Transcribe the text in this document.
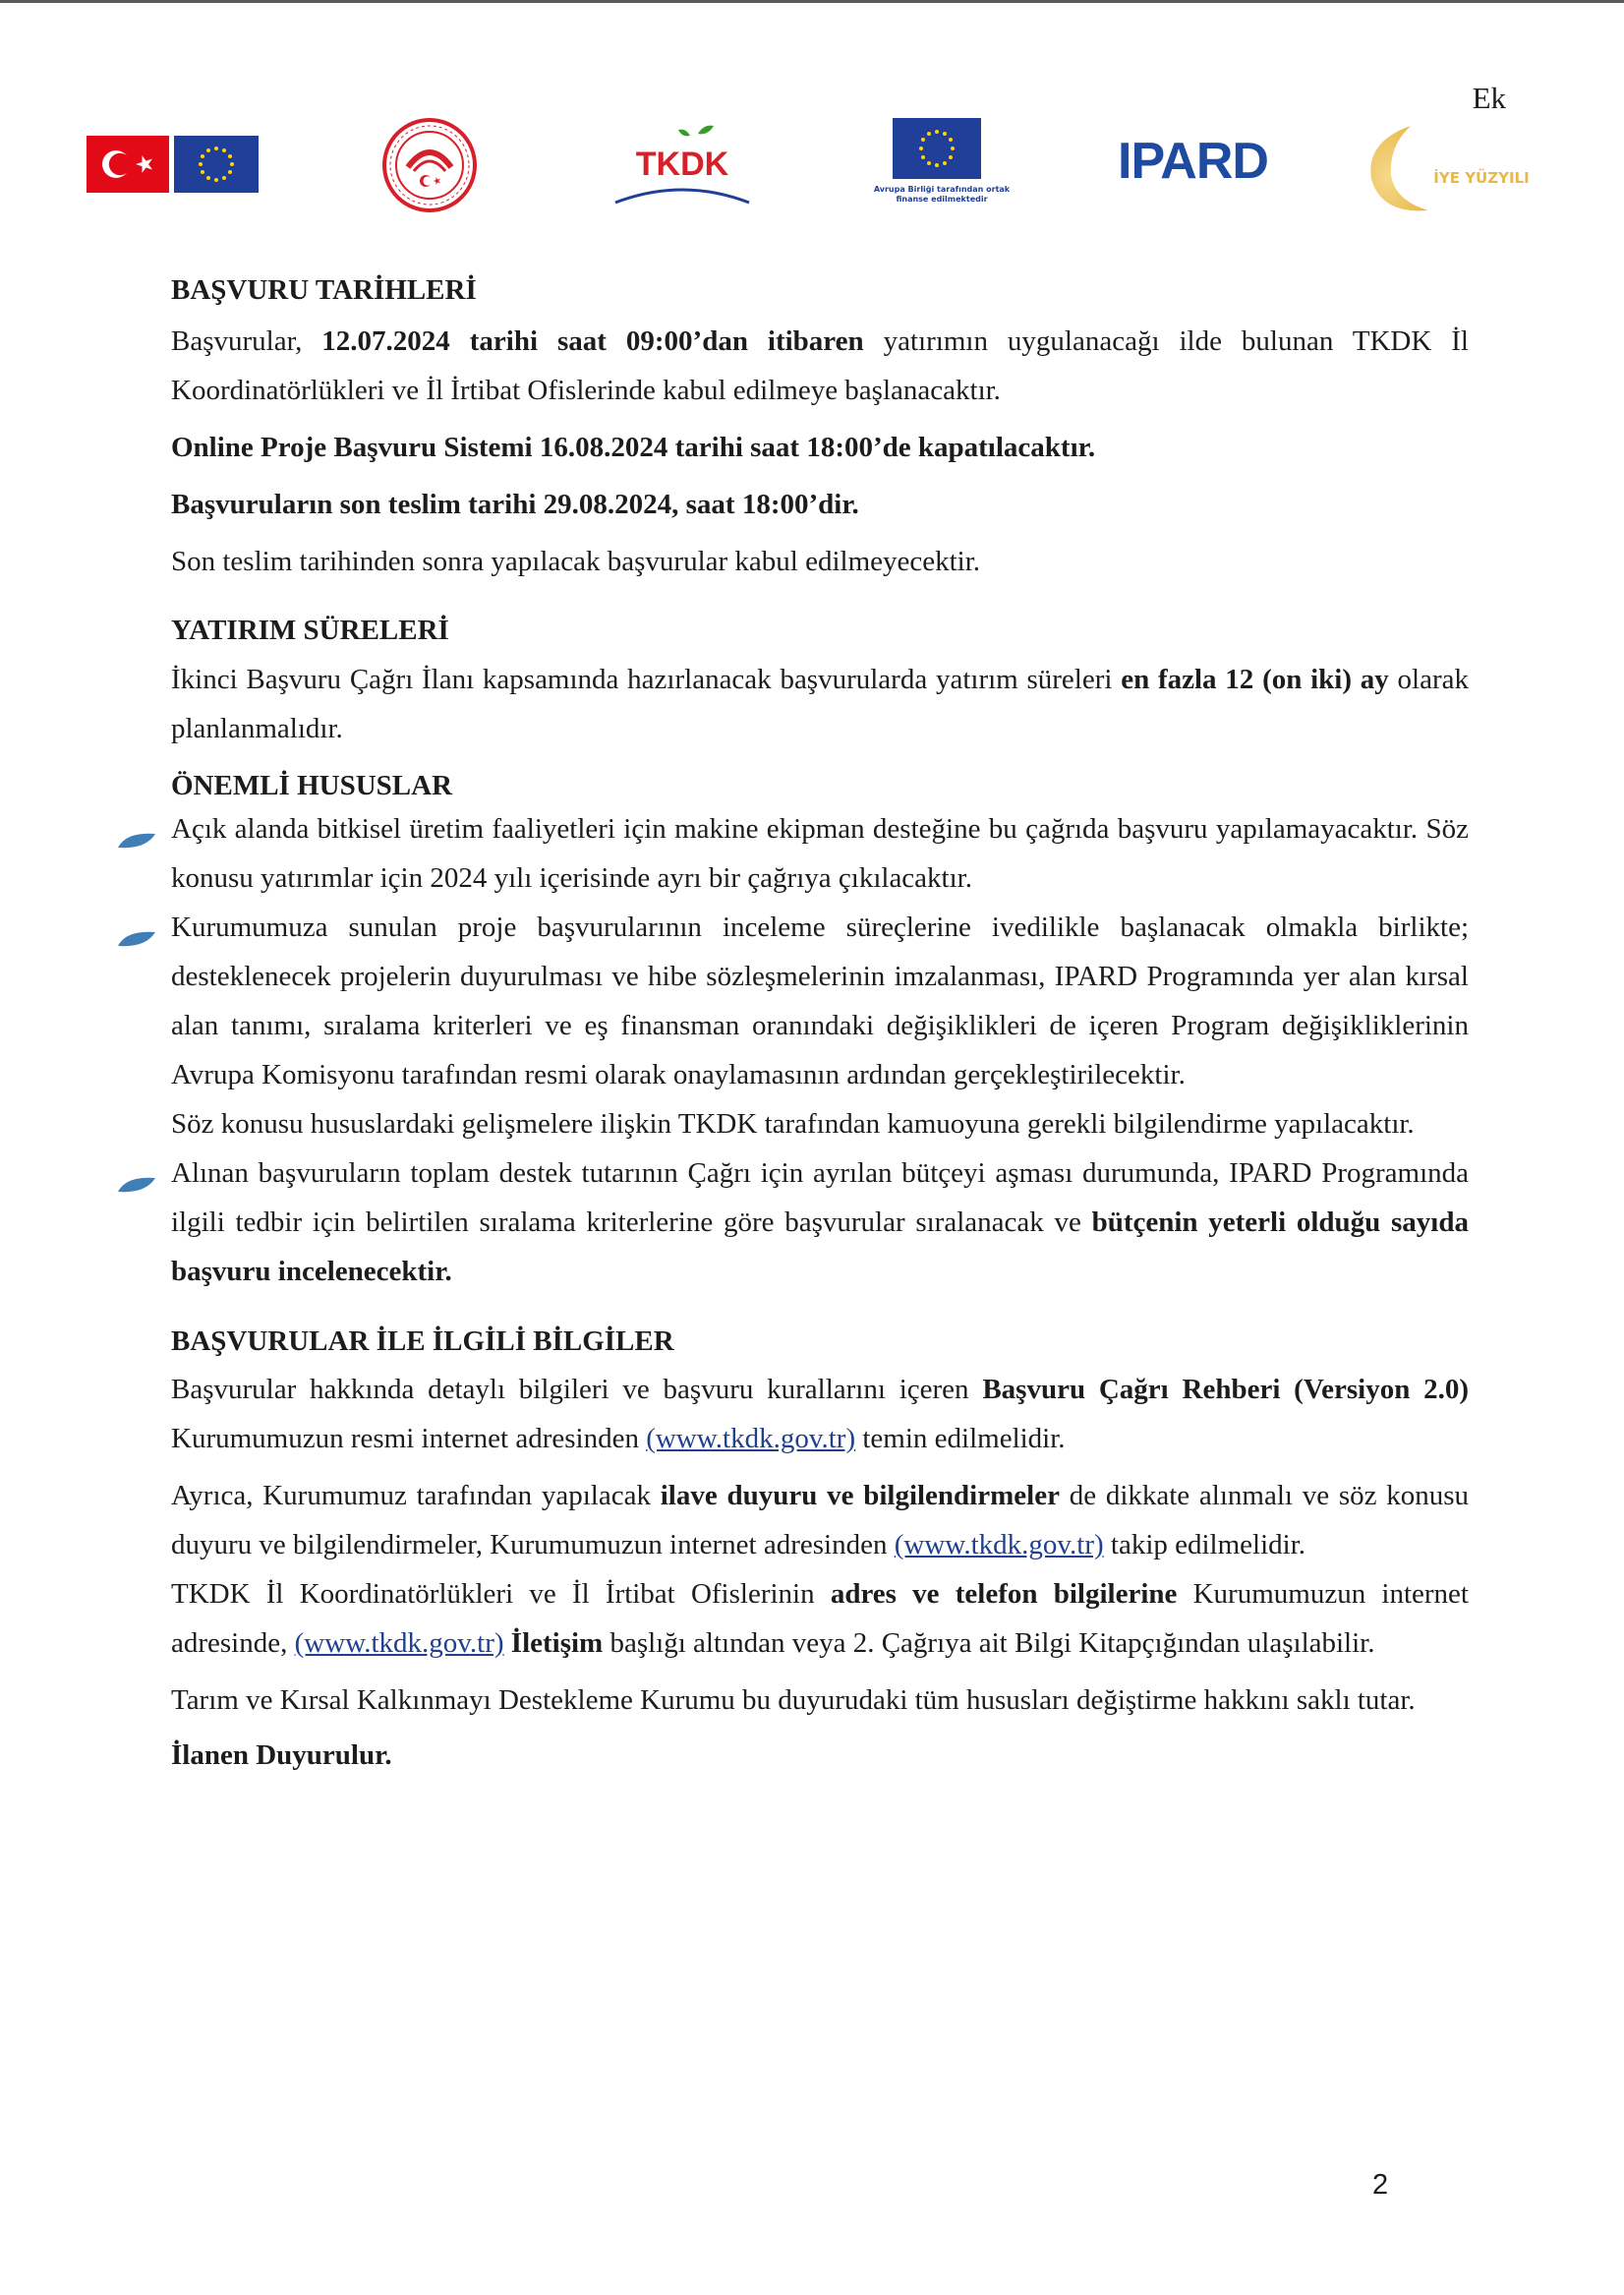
Ek
TKDK
Avrupa Birliği tarafından ortak finanse edilmektedir
IPARD	İYE YÜZYILI
BAŞVURU TARİHLERİ

Başvurular, 12.07.2024 tarihi saat 09:00’dan itibaren yatırımın uygulanacağı ilde bulunan TKDK İl Koordinatörlükleri ve İl İrtibat Ofislerinde kabul edilmeye başlanacaktır.

Online Proje Başvuru Sistemi 16.08.2024 tarihi saat 18:00’de kapatılacaktır.

Başvuruların son teslim tarihi 29.08.2024, saat 18:00’dir.

Son teslim tarihinden sonra yapılacak başvurular kabul edilmeyecektir.

YATIRIM SÜRELERİ

İkinci Başvuru Çağrı İlanı kapsamında hazırlanacak başvurularda yatırım süreleri en fazla 12 (on iki) ay olarak planlanmalıdır.

ÖNEMLİ HUSUSLAR

Açık alanda bitkisel üretim faaliyetleri için makine ekipman desteğine bu çağrıda başvuru yapılamayacaktır. Söz konusu yatırımlar için 2024 yılı içerisinde ayrı bir çağrıya çıkılacaktır.

Kurumumuza sunulan proje başvurularının inceleme süreçlerine ivedilikle başlanacak olmakla birlikte; desteklenecek projelerin duyurulması ve hibe sözleşmelerinin imzalanması, IPARD Programında yer alan kırsal alan tanımı, sıralama kriterleri ve eş finansman oranındaki değişiklikleri de içeren Program değişikliklerinin Avrupa Komisyonu tarafından resmi olarak onaylamasının ardından gerçekleştirilecektir.

Söz konusu hususlardaki gelişmelere ilişkin TKDK tarafından kamuoyuna gerekli bilgilendirme yapılacaktır.

Alınan başvuruların toplam destek tutarının Çağrı için ayrılan bütçeyi aşması durumunda, IPARD Programında ilgili tedbir için belirtilen sıralama kriterlerine göre başvurular sıralanacak ve bütçenin yeterli olduğu sayıda başvuru incelenecektir.

BAŞVURULAR İLE İLGİLİ BİLGİLER

Başvurular hakkında detaylı bilgileri ve başvuru kurallarını içeren Başvuru Çağrı Rehberi (Versiyon 2.0) Kurumumuzun resmi internet adresinden (www.tkdk.gov.tr) temin edilmelidir.

Ayrıca, Kurumumuz tarafından yapılacak ilave duyuru ve bilgilendirmeler de dikkate alınmalı ve söz konusu duyuru ve bilgilendirmeler, Kurumumuzun internet adresinden (www.tkdk.gov.tr) takip edilmelidir.

TKDK İl Koordinatörlükleri ve İl İrtibat Ofislerinin adres ve telefon bilgilerine Kurumumuzun internet adresinde, (www.tkdk.gov.tr) İletişim başlığı altından veya 2. Çağrıya ait Bilgi Kitapçığından ulaşılabilir.

Tarım ve Kırsal Kalkınmayı Destekleme Kurumu bu duyurudaki tüm hususları değiştirme hakkını saklı tutar.

İlanen Duyurulur.

2
